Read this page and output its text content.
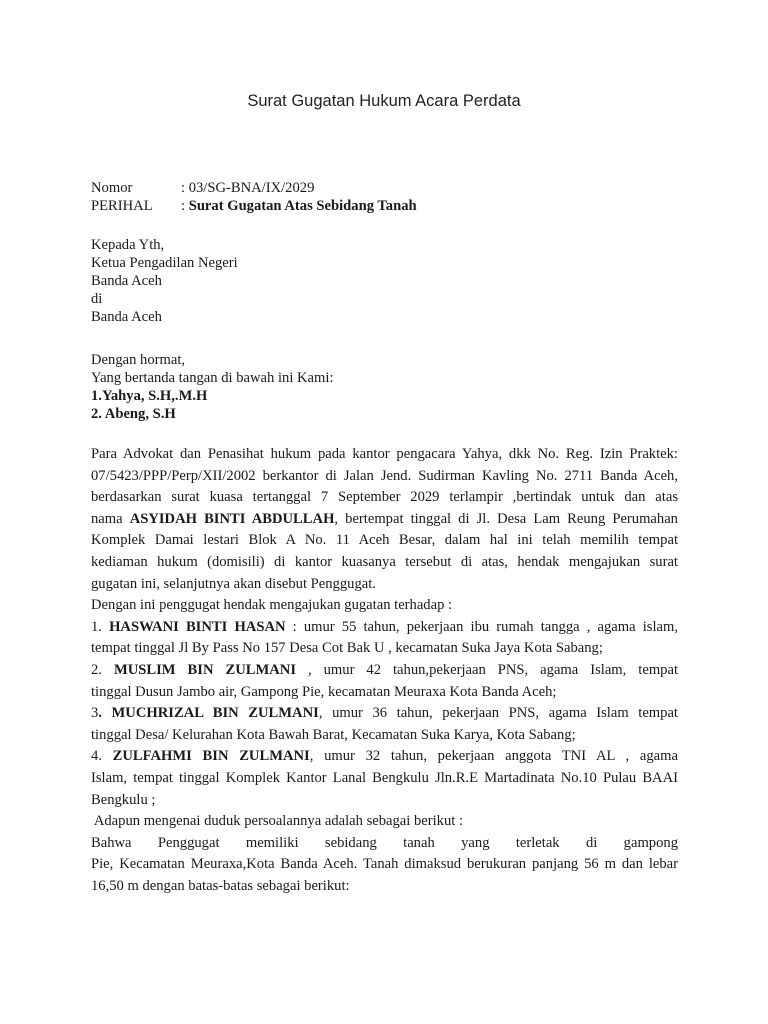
Surat Gugatan Hukum Acara Perdata
Nomor	: 03/SG-BNA/IX/2029
PERIHAL : Surat Gugatan Atas Sebidang Tanah
Kepada Yth,
Ketua Pengadilan Negeri
Banda Aceh
di
Banda Aceh
Dengan hormat,
Yang bertanda tangan di bawah ini Kami:
1.Yahya, S.H,.M.H
2. Abeng, S.H
Para Advokat dan Penasihat hukum pada kantor pengacara Yahya, dkk No. Reg. Izin Praktek:
07/5423/PPP/Perp/XII/2002 berkantor di Jalan Jend. Sudirman Kavling No. 2711 Banda Aceh,
berdasarkan surat kuasa tertanggal 7 September 2029 terlampir ,bertindak untuk dan atas
nama ASYIDAH BINTI ABDULLAH, bertempat tinggal di Jl. Desa Lam Reung Perumahan
Komplek Damai lestari Blok A No. 11 Aceh Besar, dalam hal ini telah memilih tempat
kediaman hukum (domisili) di kantor kuasanya tersebut di atas, hendak mengajukan surat
gugatan ini, selanjutnya akan disebut Penggugat.
Dengan ini penggugat hendak mengajukan gugatan terhadap :
1. HASWANI BINTI HASAN : umur 55 tahun, pekerjaan ibu rumah tangga , agama islam,
tempat tinggal Jl By Pass No 157 Desa Cot Bak U , kecamatan Suka Jaya Kota Sabang;
2. MUSLIM BIN ZULMANI , umur 42 tahun,pekerjaan PNS, agama Islam, tempat
tinggal Dusun Jambo air, Gampong Pie, kecamatan Meuraxa Kota Banda Aceh;
3. MUCHRIZAL BIN ZULMANI, umur 36 tahun, pekerjaan PNS, agama Islam tempat
tinggal Desa/ Kelurahan Kota Bawah Barat, Kecamatan Suka Karya, Kota Sabang;
4. ZULFAHMI BIN ZULMANI, umur 32 tahun, pekerjaan anggota TNI AL , agama
Islam, tempat tinggal Komplek Kantor Lanal Bengkulu Jln.R.E Martadinata No.10 Pulau BAAI
Bengkulu ;
Adapun mengenai duduk persoalannya adalah sebagai berikut :
Bahwa Penggugat memiliki sebidang tanah yang terletak di gampong
Pie, Kecamatan Meuraxa,Kota Banda Aceh. Tanah dimaksud berukuran panjang 56 m dan lebar
16,50 m dengan batas-batas sebagai berikut:
